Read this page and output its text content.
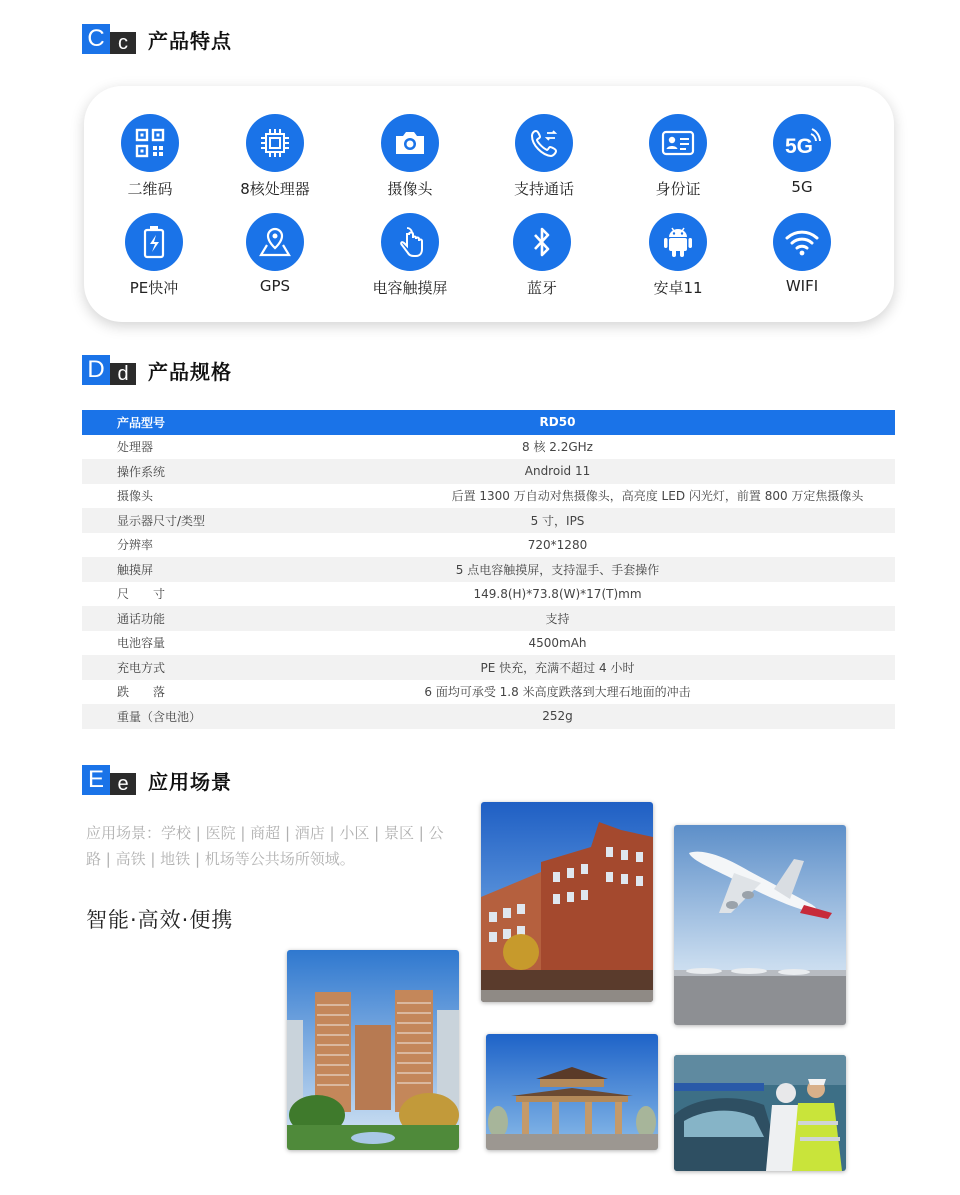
C c	产品特点
二维码	8核处理器	摄像头	支持通话	身份证
5G
5G
PE快冲	GPS	电容触摸屏	蓝牙	安卓11	WIFI
D d 产品规格
产品型号	RD50
处理器	8 核 2.2GHz
操作系统	Android 11
摄像头	后置 1300 万自动对焦摄像头，高亮度 LED 闪光灯，前置 800 万定焦摄像头
显示器尺寸/类型	5 寸，IPS
分辨率	720*1280
触摸屏	5 点电容触摸屏，支持湿手、手套操作
尺　　寸	149.8(H)*73.8(W)*17(T)mm
通话功能	支持
电池容量	4500mAh
充电方式	PE 快充，充满不超过 4 小时
跌　　落	6 面均可承受 1.8 米高度跌落到大理石地面的冲击
重量（含电池）	252g
E e 应用场景
应用场景：学校 | 医院 | 商超 | 酒店 | 小区 | 景区 | 公路 | 高铁 | 地铁 | 机场等公共场所领域。
智能·高效·便携
